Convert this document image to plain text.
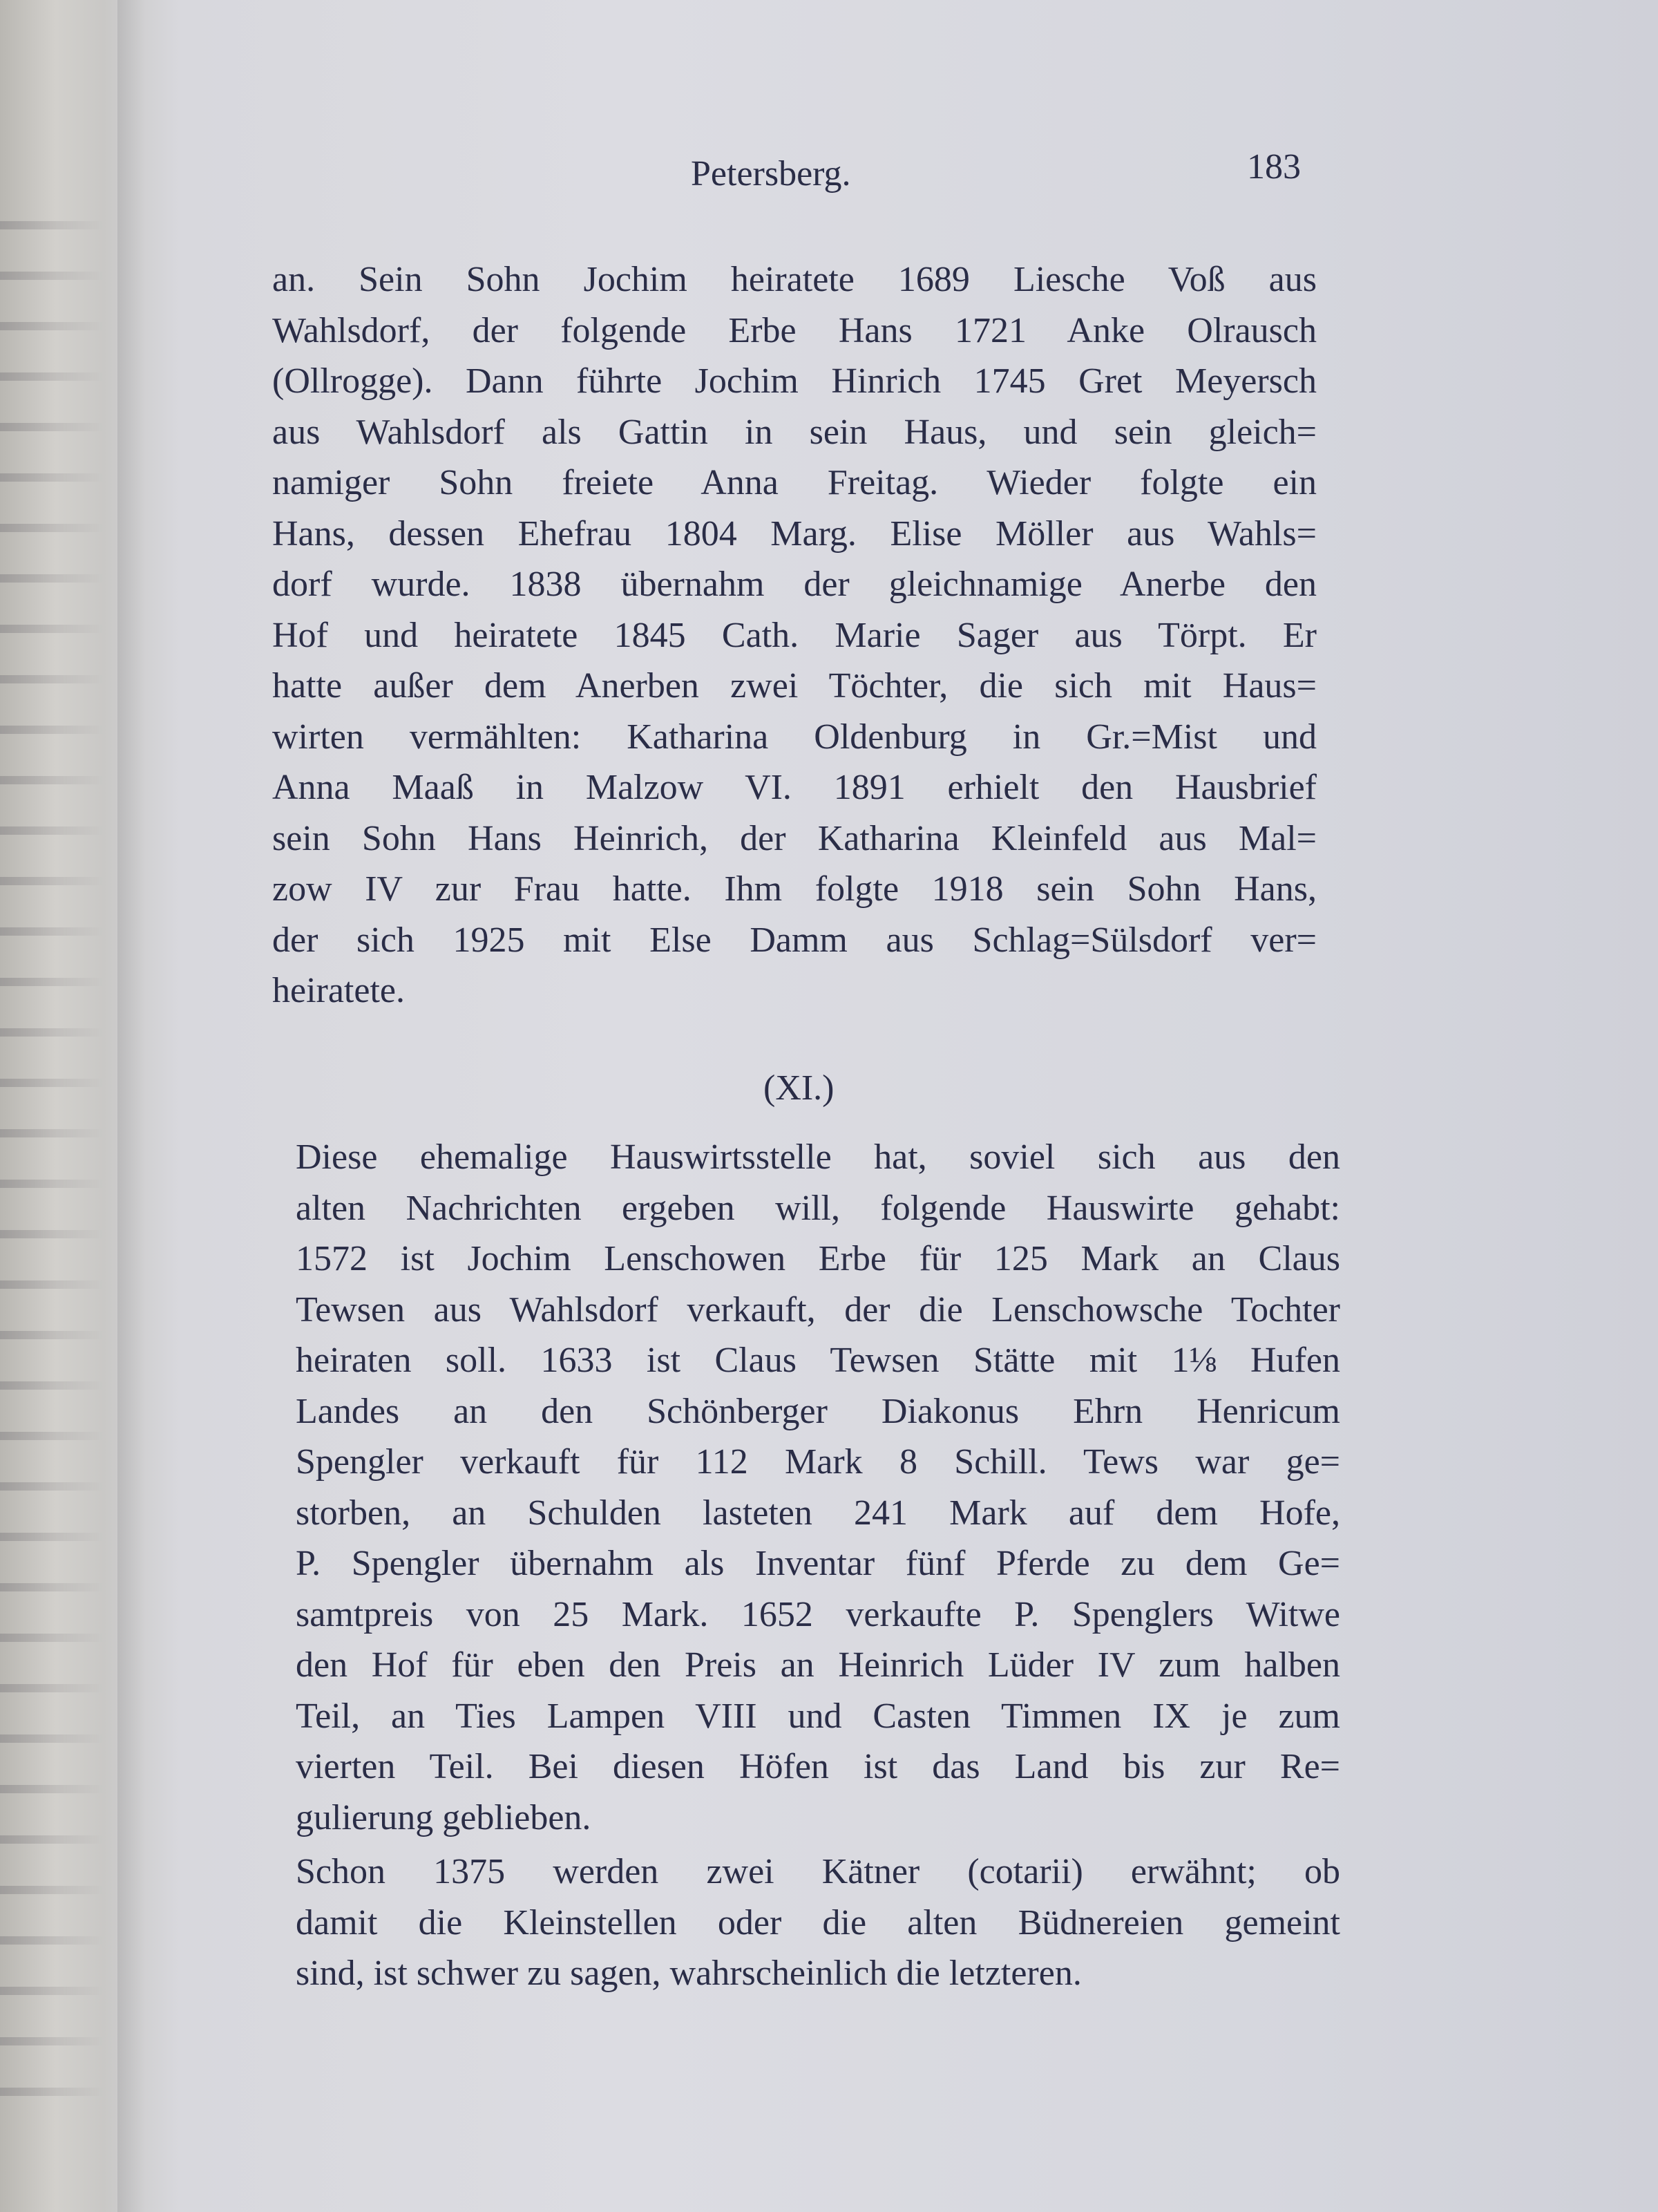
Petersberg.	183
an. Sein Sohn Jochim heiratete 1689 Liesche Voß aus
Wahlsdorf, der folgende Erbe Hans 1721 Anke Olrausch
(Ollrogge). Dann führte Jochim Hinrich 1745 Gret Meyersch
aus Wahlsdorf als Gattin in sein Haus, und sein gleich=
namiger Sohn freiete Anna Freitag. Wieder folgte ein
Hans, dessen Ehefrau 1804 Marg. Elise Möller aus Wahls=
dorf wurde. 1838 übernahm der gleichnamige Anerbe den
Hof und heiratete 1845 Cath. Marie Sager aus Törpt. Er
hatte außer dem Anerben zwei Töchter, die sich mit Haus=
wirten vermählten: Katharina Oldenburg in Gr.=Mist und
Anna Maaß in Malzow VI. 1891 erhielt den Hausbrief
sein Sohn Hans Heinrich, der Katharina Kleinfeld aus Mal=
zow IV zur Frau hatte. Ihm folgte 1918 sein Sohn Hans,
der sich 1925 mit Else Damm aus Schlag=Sülsdorf ver=
heiratete.
(XI.)
Diese ehemalige Hauswirtsstelle hat, soviel sich aus den
alten Nachrichten ergeben will, folgende Hauswirte gehabt:
1572 ist Jochim Lenschowen Erbe für 125 Mark an Claus
Tewsen aus Wahlsdorf verkauft, der die Lenschowsche Tochter
heiraten soll. 1633 ist Claus Tewsen Stätte mit 1⅛ Hufen
Landes an den Schönberger Diakonus Ehrn Henricum
Spengler verkauft für 112 Mark 8 Schill. Tews war ge=
storben, an Schulden lasteten 241 Mark auf dem Hofe,
P. Spengler übernahm als Inventar fünf Pferde zu dem Ge=
samtpreis von 25 Mark. 1652 verkaufte P. Spenglers Witwe
den Hof für eben den Preis an Heinrich Lüder IV zum halben
Teil, an Ties Lampen VIII und Casten Timmen IX je zum
vierten Teil. Bei diesen Höfen ist das Land bis zur Re=
gulierung geblieben.
Schon 1375 werden zwei Kätner (cotarii) erwähnt; ob
damit die Kleinstellen oder die alten Büdnereien gemeint
sind, ist schwer zu sagen, wahrscheinlich die letzteren.
